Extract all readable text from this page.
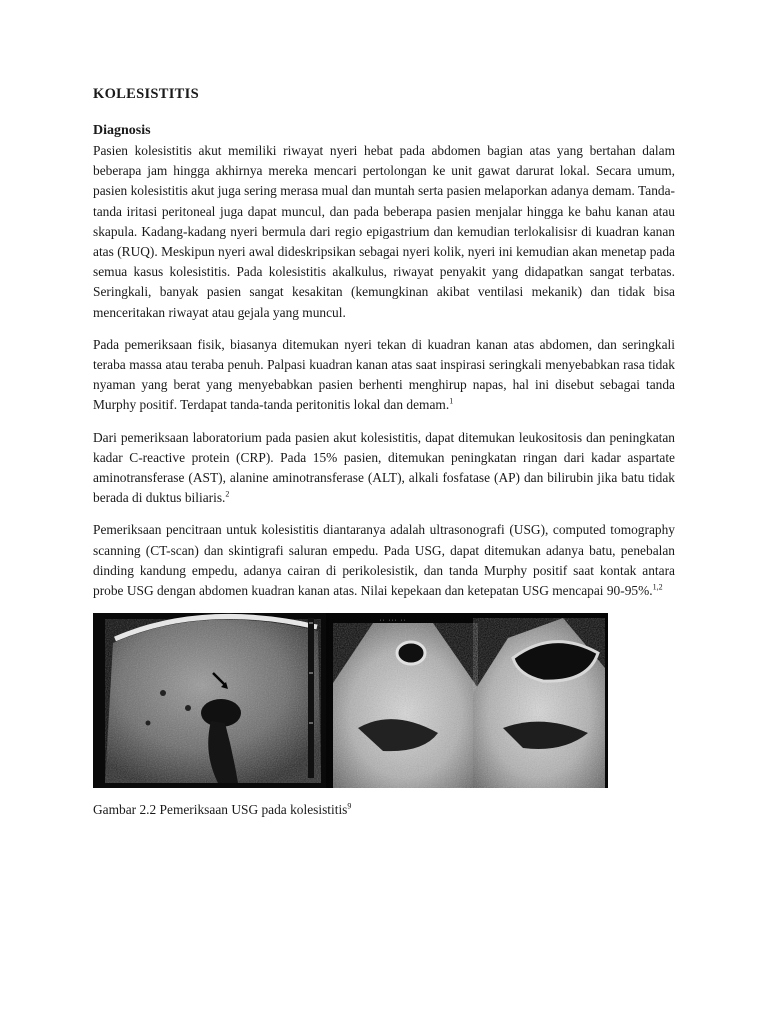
KOLESISTITIS
Diagnosis

Pasien kolesistitis akut memiliki riwayat nyeri hebat pada abdomen bagian atas yang bertahan dalam beberapa jam hingga akhirnya mereka mencari pertolongan ke unit gawat darurat lokal. Secara umum, pasien kolesistitis akut juga sering merasa mual dan muntah serta pasien melaporkan adanya demam. Tanda-tanda iritasi peritoneal juga dapat muncul, dan pada beberapa pasien menjalar hingga ke bahu kanan atau skapula. Kadang-kadang nyeri bermula dari regio epigastrium dan kemudian terlokalisisr di kuadran kanan atas (RUQ). Meskipun nyeri awal dideskripsikan sebagai nyeri kolik, nyeri ini kemudian akan menetap pada semua kasus kolesistitis. Pada kolesistitis akalkulus, riwayat penyakit yang didapatkan sangat terbatas. Seringkali, banyak pasien sangat kesakitan (kemungkinan akibat ventilasi mekanik) dan tidak bisa menceritakan riwayat atau gejala yang muncul.

Pada pemeriksaan fisik, biasanya ditemukan nyeri tekan di kuadran kanan atas abdomen, dan seringkali teraba massa atau teraba penuh. Palpasi kuadran kanan atas saat inspirasi seringkali menyebabkan rasa tidak nyaman yang berat yang menyebabkan pasien berhenti menghirup napas, hal ini disebut sebagai tanda Murphy positif. Terdapat tanda-tanda peritonitis lokal dan demam.$^1$

Dari pemeriksaan laboratorium pada pasien akut kolesistitis, dapat ditemukan leukositosis dan peningkatan kadar C-reactive protein (CRP). Pada 15% pasien, ditemukan peningkatan ringan dari kadar aspartate aminotransferase (AST), alanine aminotransferase (ALT), alkali fosfatase (AP) dan bilirubin jika batu tidak berada di duktus biliaris.$^2$

Pemeriksaan pencitraan untuk kolesistitis diantaranya adalah ultrasonografi (USG), computed tomography scanning (CT-scan) dan skintigrafi saluran empedu. Pada USG, dapat ditemukan adanya batu, penebalan dinding kandung empedu, adanya cairan di perikolesistik, dan tanda Murphy positif saat kontak antara probe USG dengan abdomen kuadran kanan atas. Nilai kepekaan dan ketepatan USG mencapai 90-95%.$^{1,2}$

·· ··· ··	··
Gambar 2.2 Pemeriksaan USG pada kolesistitis$^9$
